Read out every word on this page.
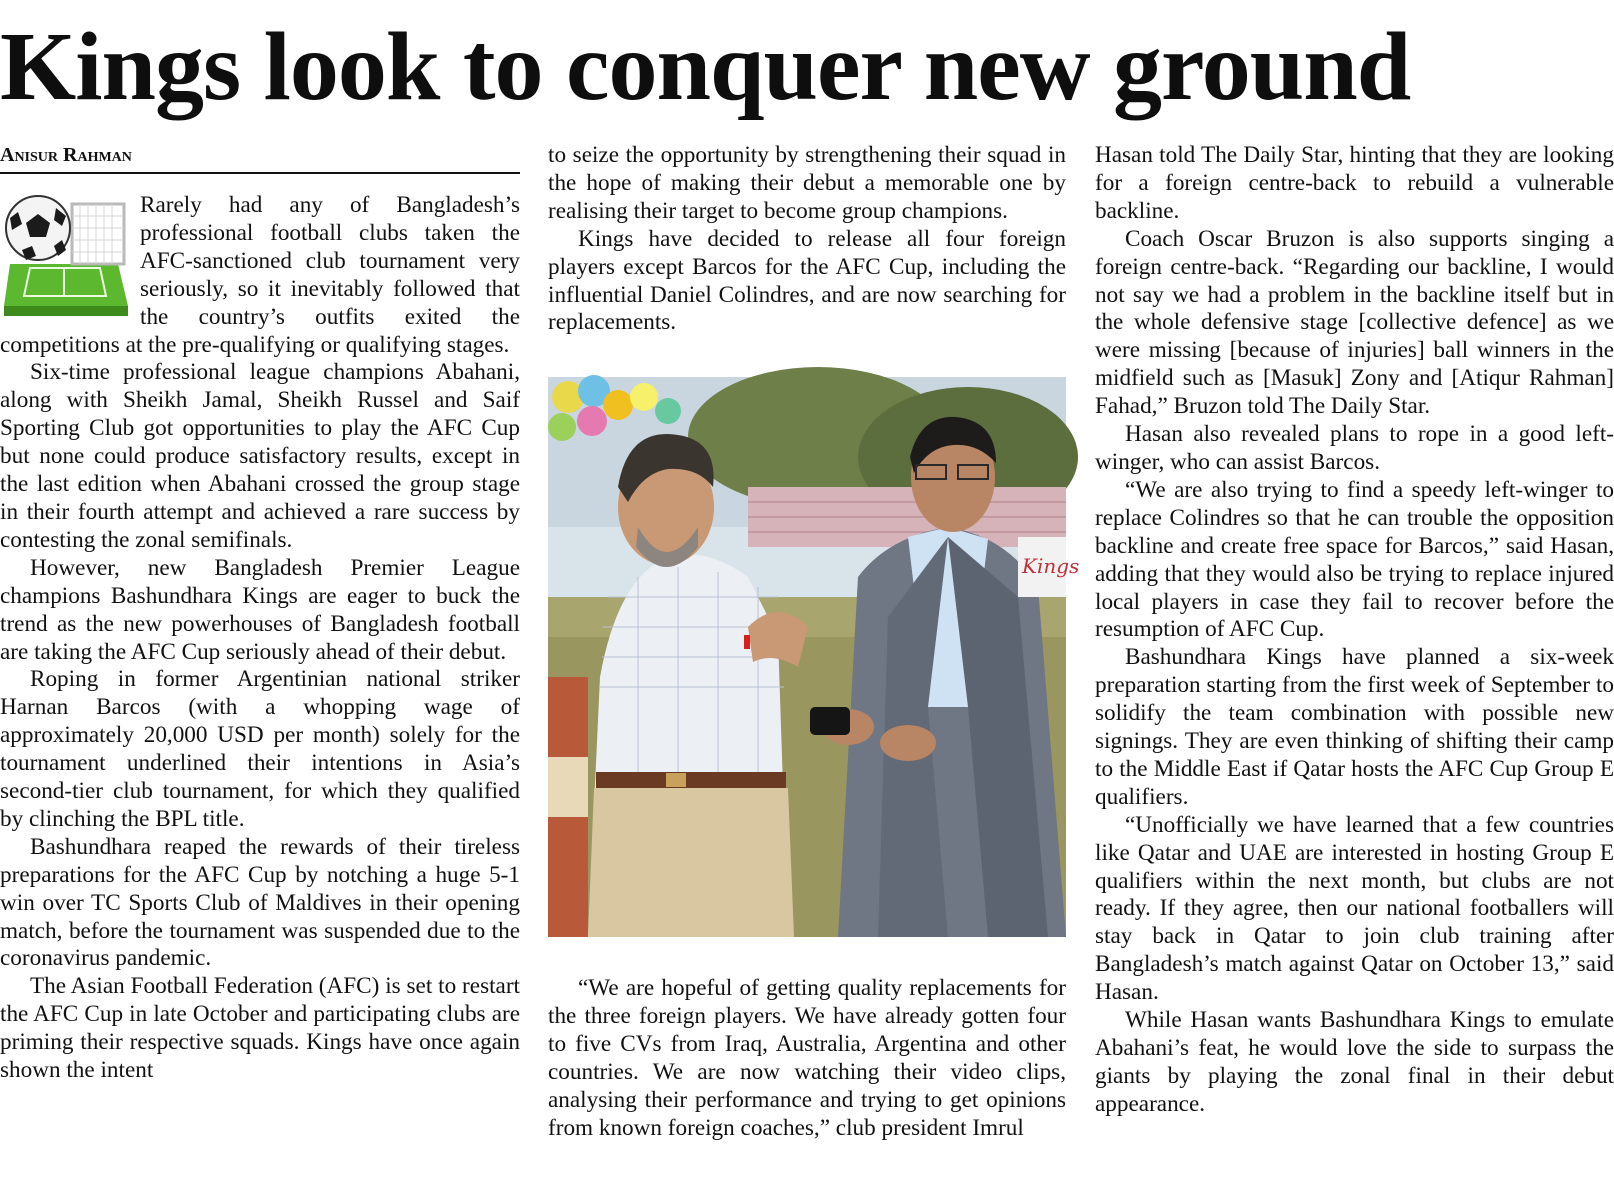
Kings look to conquer new ground
Anisur Rahman

Rarely had any of Bangladesh’s professional football clubs taken the AFC-sanctioned club tournament very seriously, so it inevitably followed that the country’s outfits exited the competitions at the pre-qualifying or qualifying stages.

Six-time professional league champions Abahani, along with Sheikh Jamal, Sheikh Russel and Saif Sporting Club got opportunities to play the AFC Cup but none could produce satisfactory results, except in the last edition when Abahani crossed the group stage in their fourth attempt and achieved a rare success by contesting the zonal semifinals.

However, new Bangladesh Premier League champions Bashundhara Kings are eager to buck the trend as the new powerhouses of Bangladesh football are taking the AFC Cup seriously ahead of their debut.

Roping in former Argentinian national striker Harnan Barcos (with a whopping wage of approximately 20,000 USD per month) solely for the tournament underlined their intentions in Asia’s second-tier club tournament, for which they qualified by clinching the BPL title.

Bashundhara reaped the rewards of their tireless preparations for the AFC Cup by notching a huge 5-1 win over TC Sports Club of Maldives in their opening match, before the tournament was suspended due to the coronavirus pandemic.

The Asian Football Federation (AFC) is set to restart the AFC Cup in late October and participating clubs are priming their respective squads. Kings have once again shown the intent

to seize the opportunity by strengthening their squad in the hope of making their debut a memorable one by realising their target to become group champions.

Kings have decided to release all four foreign players except Barcos for the AFC Cup, including the influential Daniel Colindres, and are now searching for replacements.

Kings

“We are hopeful of getting quality replacements for the three foreign players. We have already gotten four to five CVs from Iraq, Australia, Argentina and other countries. We are now watching their video clips, analysing their performance and trying to get opinions from known foreign coaches,” club president Imrul

Hasan told The Daily Star, hinting that they are looking for a foreign centre-back to rebuild a vulnerable backline.

Coach Oscar Bruzon is also supports singing a foreign centre-back. “Regarding our backline, I would not say we had a problem in the backline itself but in the whole defensive stage [collective defence] as we were missing [because of injuries] ball winners in the midfield such as [Masuk] Zony and [Atiqur Rahman] Fahad,” Bruzon told The Daily Star.

Hasan also revealed plans to rope in a good left-winger, who can assist Barcos.

“We are also trying to find a speedy left-winger to replace Colindres so that he can trouble the opposition backline and create free space for Barcos,” said Hasan, adding that they would also be trying to replace injured local players in case they fail to recover before the resumption of AFC Cup.

Bashundhara Kings have planned a six-week preparation starting from the first week of September to solidify the team combination with possible new signings. They are even thinking of shifting their camp to the Middle East if Qatar hosts the AFC Cup Group E qualifiers.

“Unofficially we have learned that a few countries like Qatar and UAE are interested in hosting Group E qualifiers within the next month, but clubs are not ready. If they agree, then our national footballers will stay back in Qatar to join club training after Bangladesh’s match against Qatar on October 13,” said Hasan.

While Hasan wants Bashundhara Kings to emulate Abahani’s feat, he would love the side to surpass the giants by playing the zonal final in their debut appearance.
